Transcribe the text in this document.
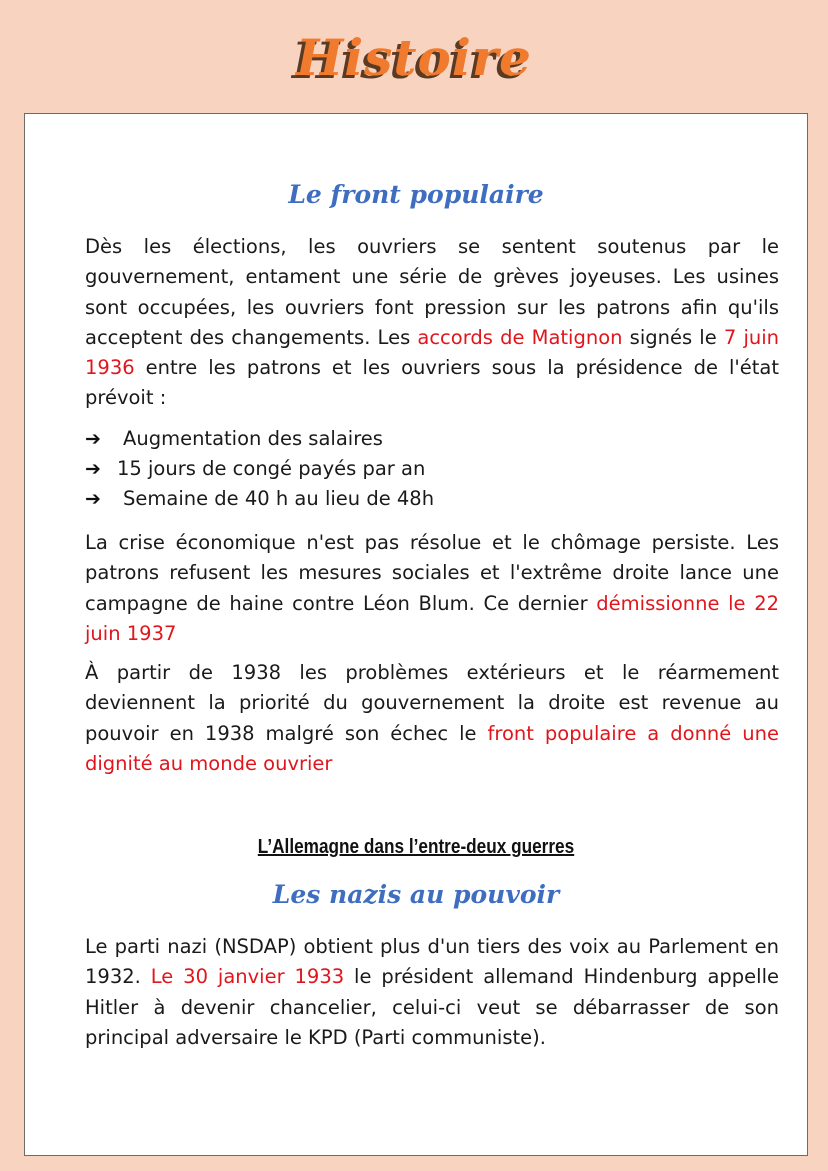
Histoire
Le front populaire

Dès les élections, les ouvriers se sentent soutenus par le gouvernement, entament une série de grèves joyeuses. Les usines sont occupées, les ouvriers font pression sur les patrons afin qu'ils acceptent des changements. Les accords de Matignon signés le 7 juin 1936 entre les patrons et les ouvriers sous la présidence de l'état prévoit :

➔	Augmentation des salaires
➔ 15 jours de congé payés par an
➔	Semaine de 40 h au lieu de 48h

La crise économique n'est pas résolue et le chômage persiste. Les patrons refusent les mesures sociales et l'extrême droite lance une campagne de haine contre Léon Blum. Ce dernier démissionne le 22 juin 1937

À partir de 1938 les problèmes extérieurs et le réarmement deviennent la priorité du gouvernement la droite est revenue au pouvoir en 1938 malgré son échec le front populaire a donné une dignité au monde ouvrier

L’Allemagne dans l’entre-deux guerres
Les nazis au pouvoir

Le parti nazi (NSDAP) obtient plus d'un tiers des voix au Parlement en 1932. Le 30 janvier 1933 le président allemand Hindenburg appelle Hitler à devenir chancelier, celui-ci veut se débarrasser de son principal adversaire le KPD (Parti communiste).
